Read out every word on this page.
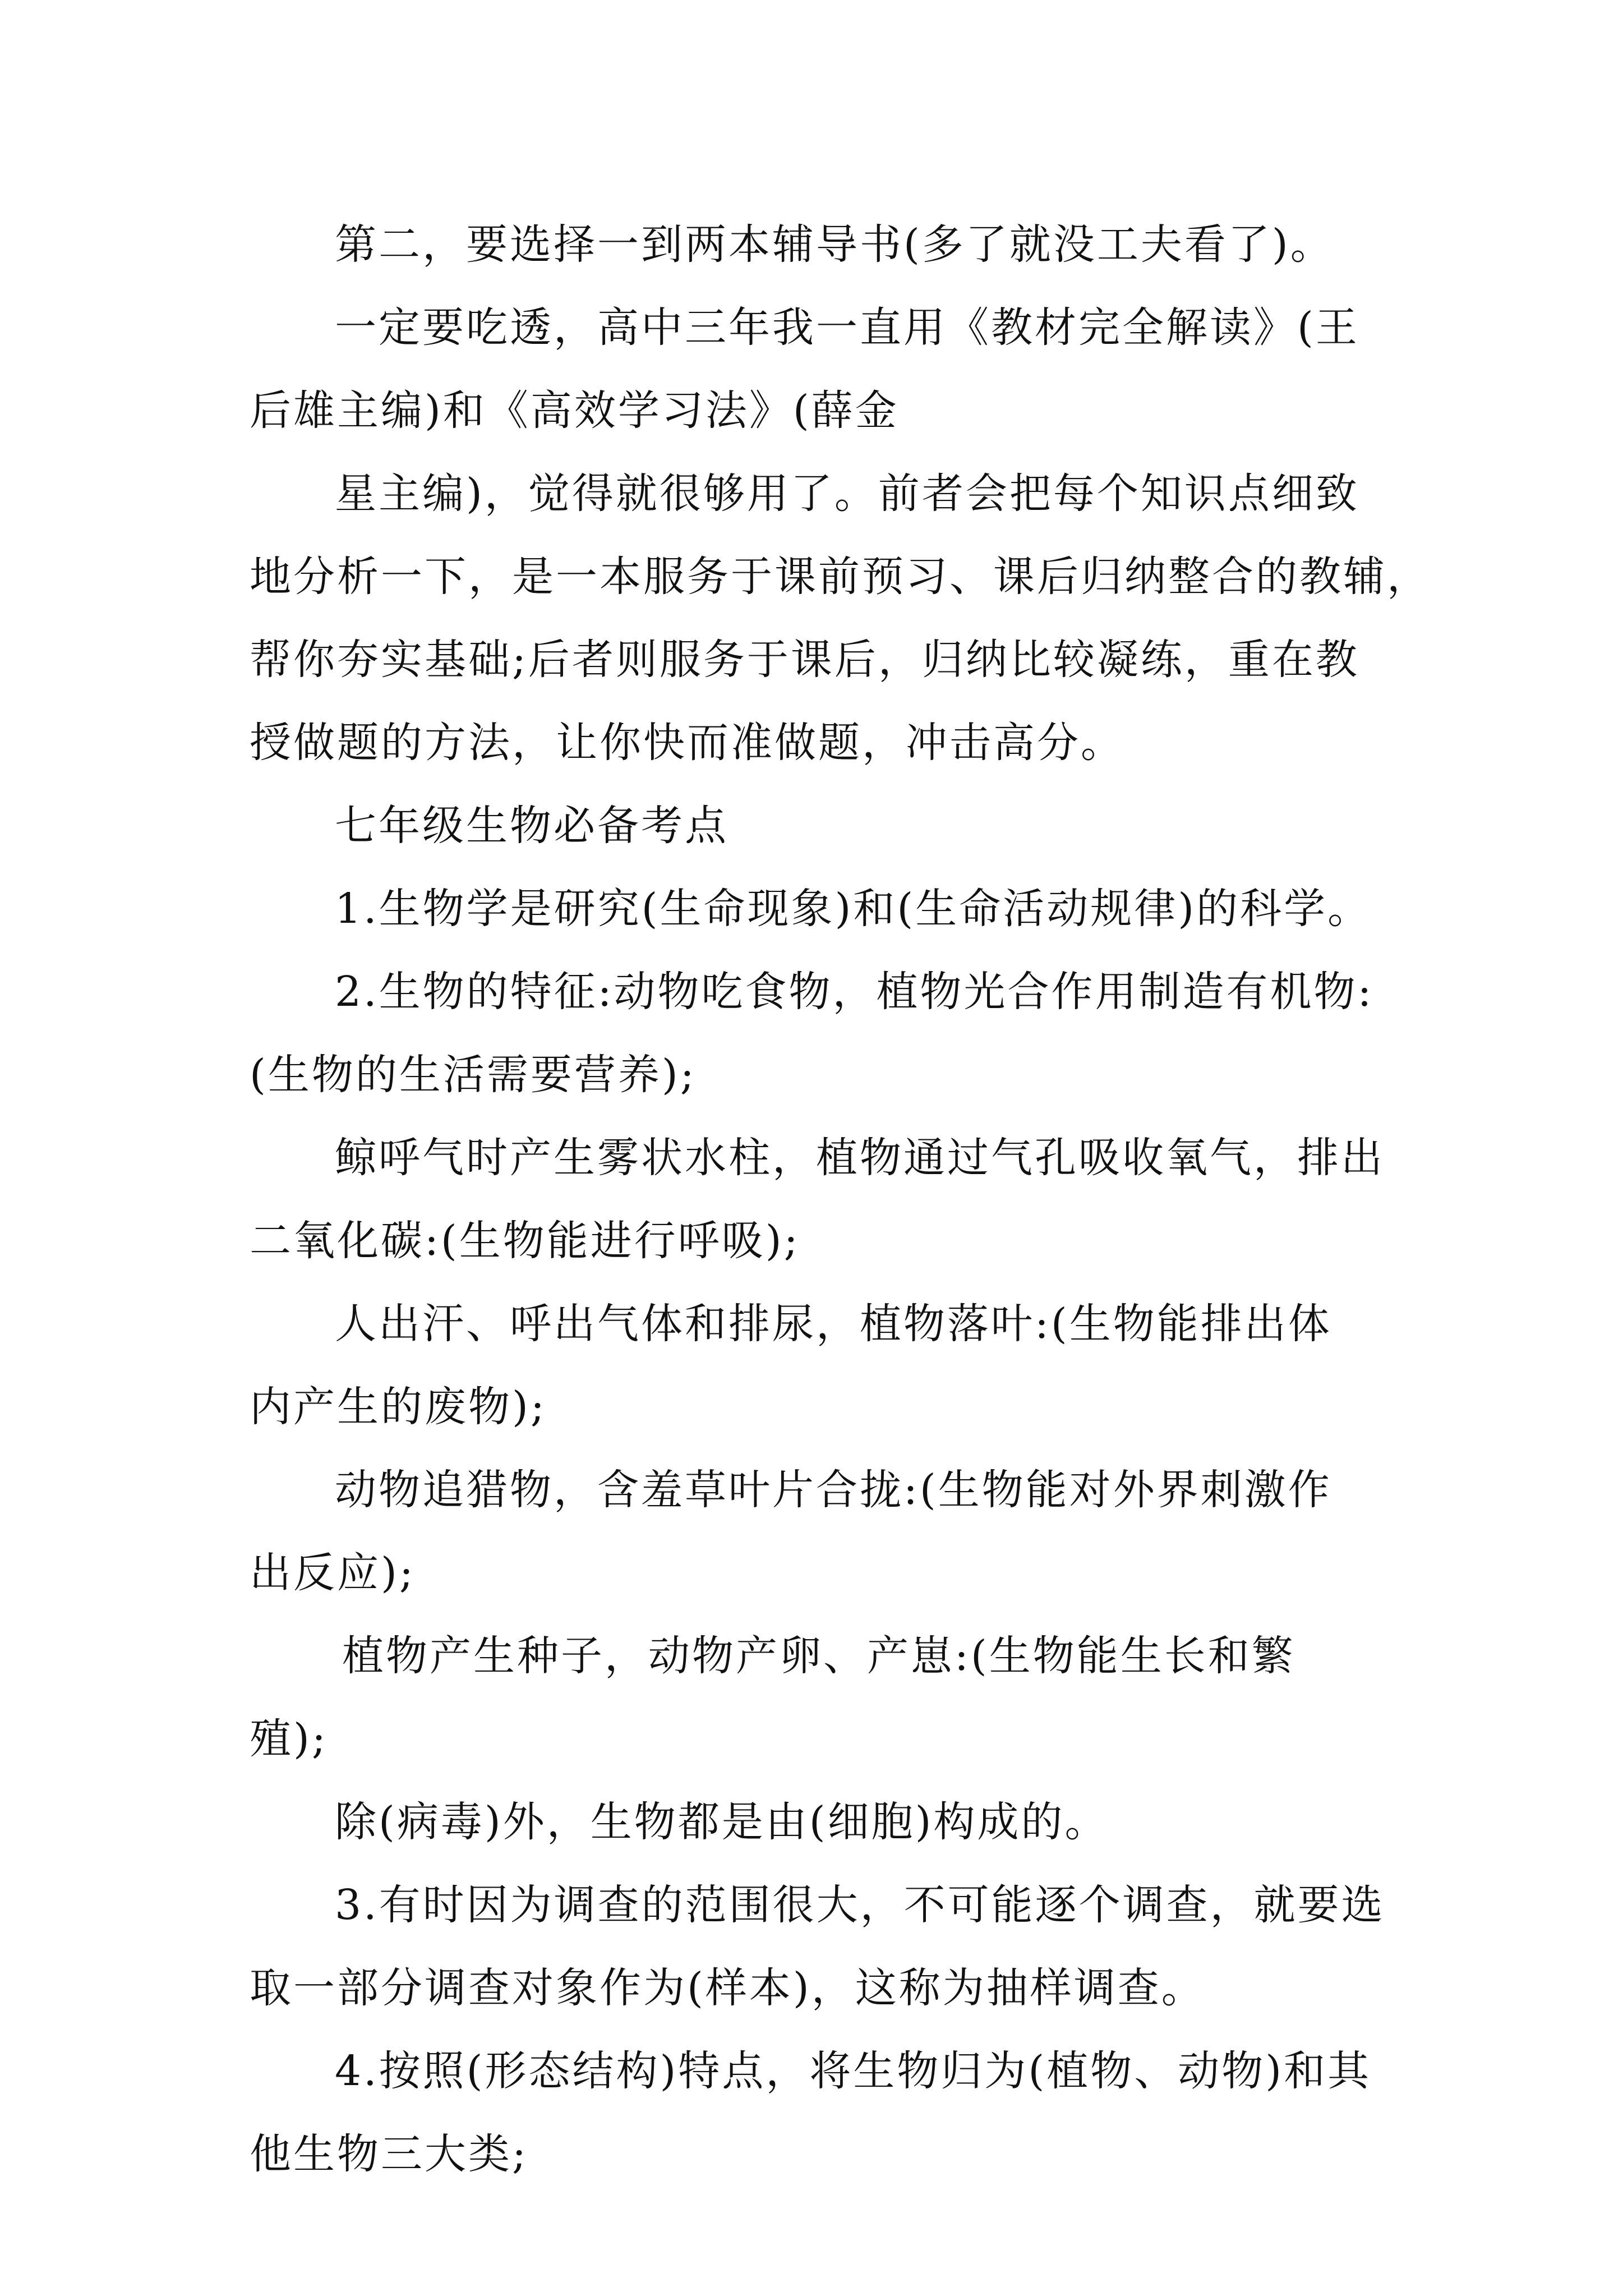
第二，要选择一到两本辅导书(多了就没工夫看了)。
一定要吃透，高中三年我一直用《教材完全解读》(王
后雄主编)和《高效学习法》(薛金
星主编)，觉得就很够用了。前者会把每个知识点细致
地分析一下，是一本服务于课前预习、课后归纳整合的教辅，
帮你夯实基础;后者则服务于课后，归纳比较凝练，重在教
授做题的方法，让你快而准做题，冲击高分。
七年级生物必备考点
1.生物学是研究(生命现象)和(生命活动规律)的科学。
2.生物的特征:动物吃食物，植物光合作用制造有机物:
(生物的生活需要营养);
鲸呼气时产生雾状水柱，植物通过气孔吸收氧气，排出
二氧化碳:(生物能进行呼吸);
人出汗、呼出气体和排尿，植物落叶:(生物能排出体
内产生的废物);
动物追猎物，含羞草叶片合拢:(生物能对外界刺激作
出反应);
植物产生种子，动物产卵、产崽:(生物能生长和繁
殖);
除(病毒)外，生物都是由(细胞)构成的。
3.有时因为调查的范围很大，不可能逐个调查，就要选
取一部分调查对象作为(样本)，这称为抽样调查。
4.按照(形态结构)特点，将生物归为(植物、动物)和其
他生物三大类;
